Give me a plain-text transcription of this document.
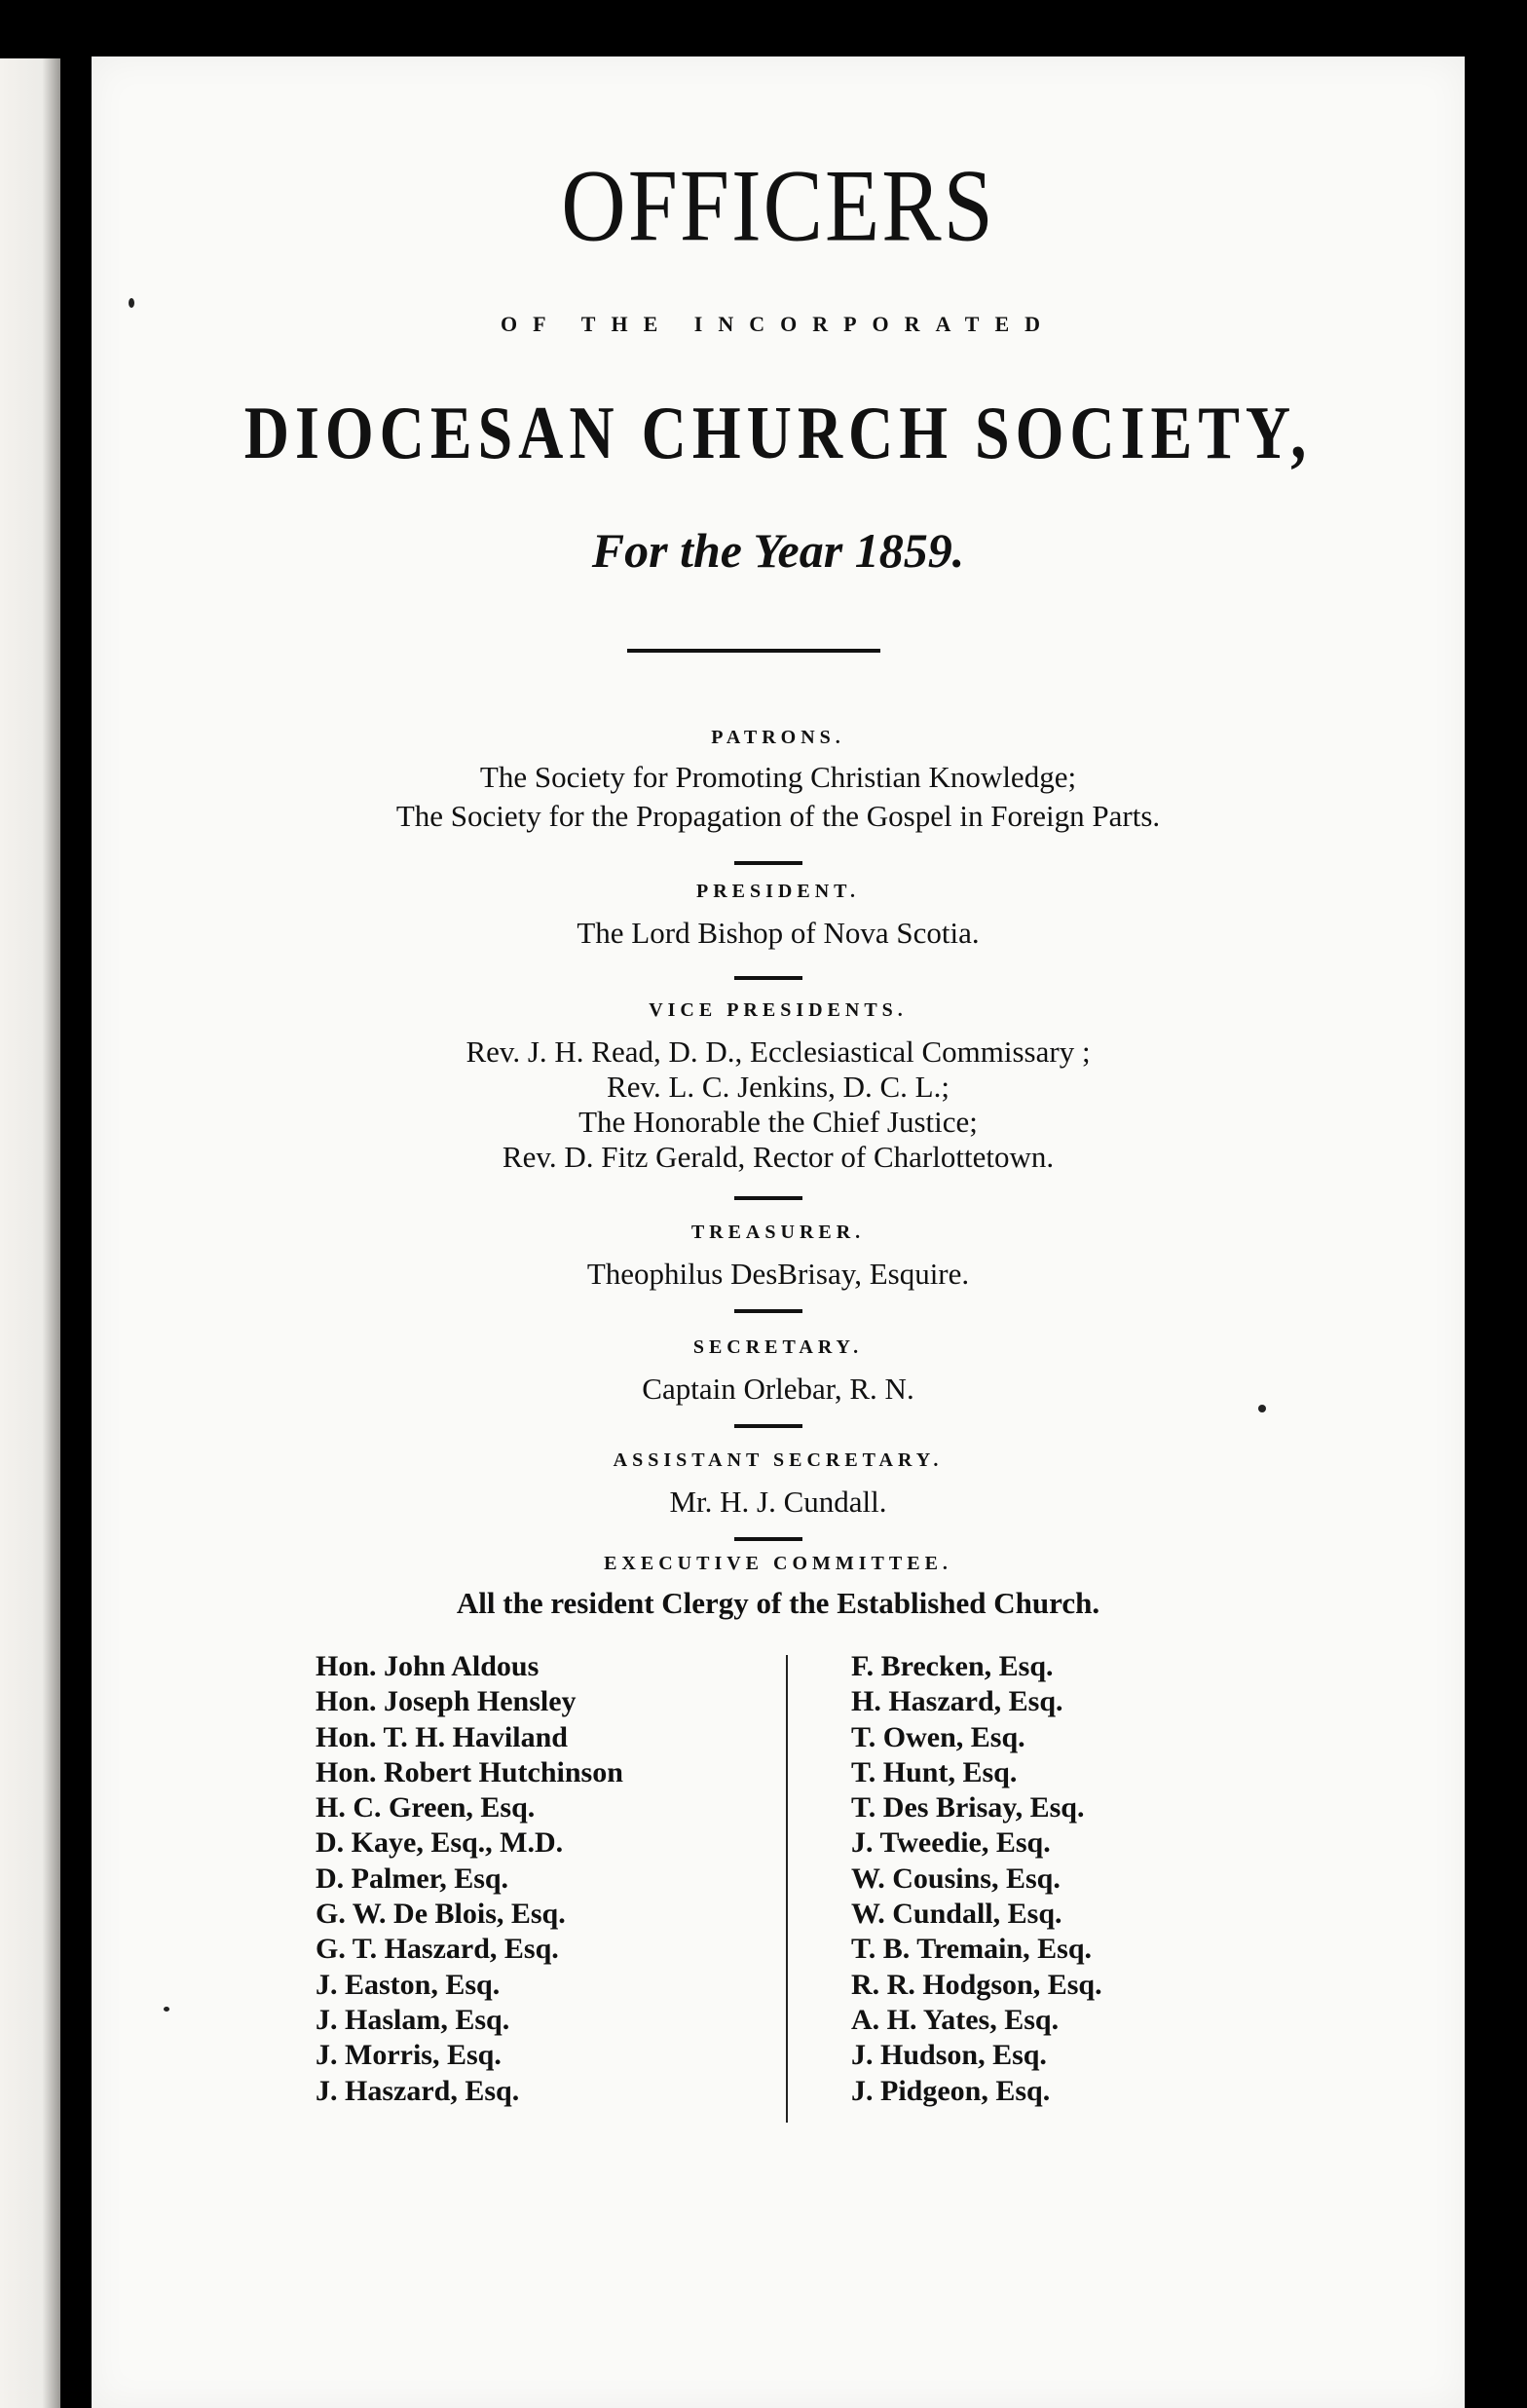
OFFICERS
OF THE INCORPORATED
DIOCESAN CHURCH SOCIETY,
For the Year 1859.
PATRONS.
The Society for Promoting Christian Knowledge;
The Society for the Propagation of the Gospel in Foreign Parts.
PRESIDENT.
The Lord Bishop of Nova Scotia.
VICE PRESIDENTS.
Rev. J. H. Read, D. D., Ecclesiastical Commissary ;
Rev. L. C. Jenkins, D. C. L.;
The Honorable the Chief Justice;
Rev. D. Fitz Gerald, Rector of Charlottetown.
TREASURER.
Theophilus DesBrisay, Esquire.
SECRETARY.
Captain Orlebar, R. N.
ASSISTANT SECRETARY.
Mr. H. J. Cundall.
EXECUTIVE COMMITTEE.
All the resident Clergy of the Established Church.
Hon. John Aldous
Hon. Joseph Hensley
Hon. T. H. Haviland
Hon. Robert Hutchinson
H. C. Green, Esq.
D. Kaye, Esq., M.D.
D. Palmer, Esq.
G. W. De Blois, Esq.
G. T. Haszard, Esq.
J. Easton, Esq.
J. Haslam, Esq.
J. Morris, Esq.
J. Haszard, Esq.
F. Brecken, Esq.
H. Haszard, Esq.
T. Owen, Esq.
T. Hunt, Esq.
T. Des Brisay, Esq.
J. Tweedie, Esq.
W. Cousins, Esq.
W. Cundall, Esq.
T. B. Tremain, Esq.
R. R. Hodgson, Esq.
A. H. Yates, Esq.
J. Hudson, Esq.
J. Pidgeon, Esq.
